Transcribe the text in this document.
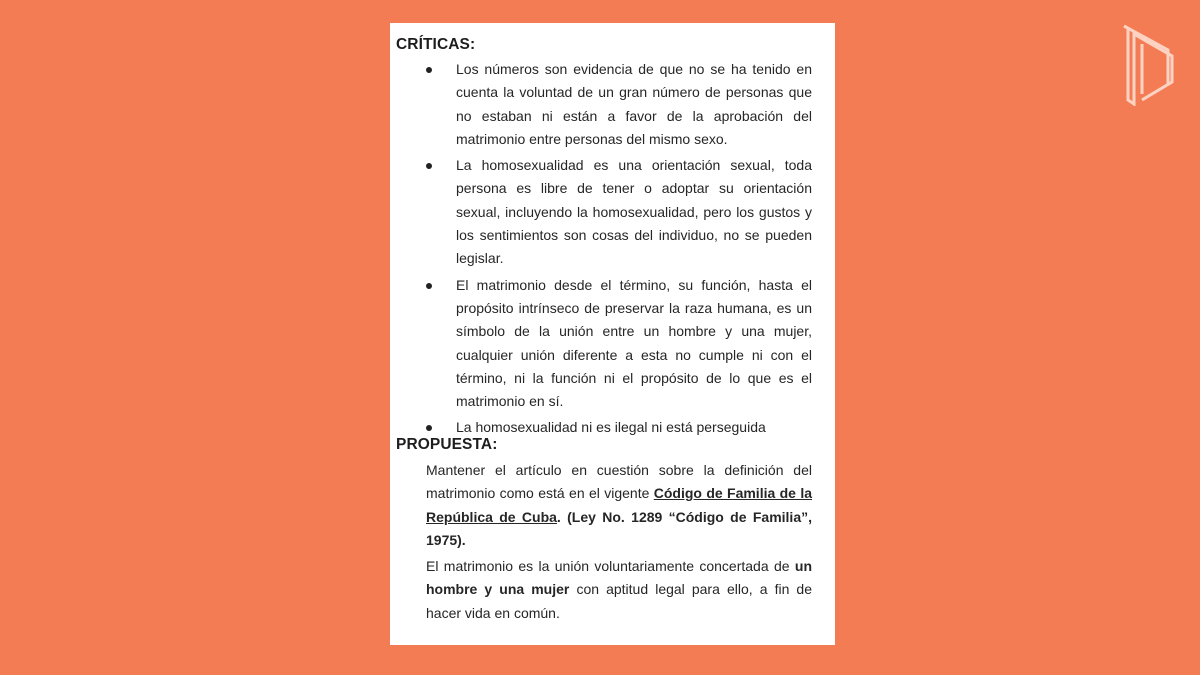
CRÍTICAS:
Los números son evidencia de que no se ha tenido en cuenta la voluntad de un gran número de personas que no estaban ni están a favor de la aprobación del matrimonio entre personas del mismo sexo.
La homosexualidad es una orientación sexual, toda persona es libre de tener o adoptar su orientación sexual, incluyendo la homosexualidad, pero los gustos y los sentimientos son cosas del individuo, no se pueden legislar.
El matrimonio desde el término, su función, hasta el propósito intrínseco de preservar la raza humana, es un símbolo de la unión entre un hombre y una mujer, cualquier unión diferente a esta no cumple ni con el término, ni la función ni el propósito de lo que es el matrimonio en sí.
La homosexualidad ni es ilegal ni está perseguida
PROPUESTA:

Mantener el artículo en cuestión sobre la definición del matrimonio como está en el vigente Código de Familia de la República de Cuba. (Ley No. 1289 “Código de Familia”, 1975).

El matrimonio es la unión voluntariamente concertada de un hombre y una mujer con aptitud legal para ello, a fin de hacer vida en común.
